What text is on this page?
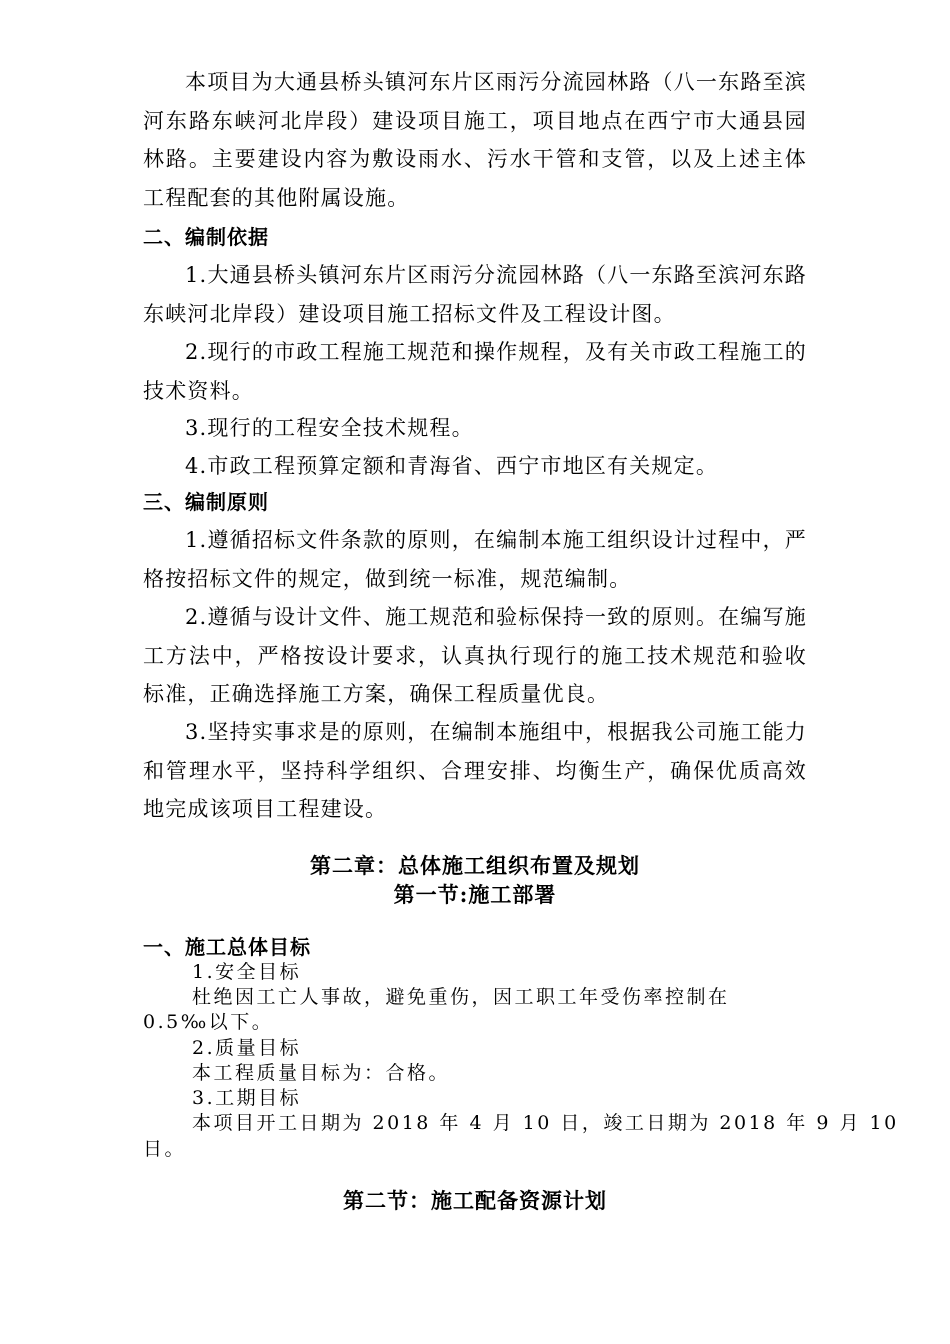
本项目为大通县桥头镇河东片区雨污分流园林路（八一东路至滨河东路东峡河北岸段）建设项目施工，项目地点在西宁市大通县园林路。主要建设内容为敷设雨水、污水干管和支管，以及上述主体工程配套的其他附属设施。

二、编制依据

1.大通县桥头镇河东片区雨污分流园林路（八一东路至滨河东路东峡河北岸段）建设项目施工招标文件及工程设计图。

2.现行的市政工程施工规范和操作规程，及有关市政工程施工的技术资料。

3.现行的工程安全技术规程。

4.市政工程预算定额和青海省、西宁市地区有关规定。

三、编制原则

1.遵循招标文件条款的原则，在编制本施工组织设计过程中，严格按招标文件的规定，做到统一标准，规范编制。

2.遵循与设计文件、施工规范和验标保持一致的原则。在编写施工方法中，严格按设计要求，认真执行现行的施工技术规范和验收标准，正确选择施工方案，确保工程质量优良。

3.坚持实事求是的原则，在编制本施组中，根据我公司施工能力和管理水平，坚持科学组织、合理安排、均衡生产，确保优质高效地完成该项目工程建设。

第二章：总体施工组织布置及规划

第一节:施工部署

一、施工总体目标

1.安全目标

杜绝因工亡人事故，避免重伤，因工职工年受伤率控制在

0.5‰以下。

2.质量目标

本工程质量目标为：合格。

3.工期目标

本项目开工日期为 2018 年 4 月 10 日，竣工日期为 2018 年 9 月 10

日。

第二节：施工配备资源计划
